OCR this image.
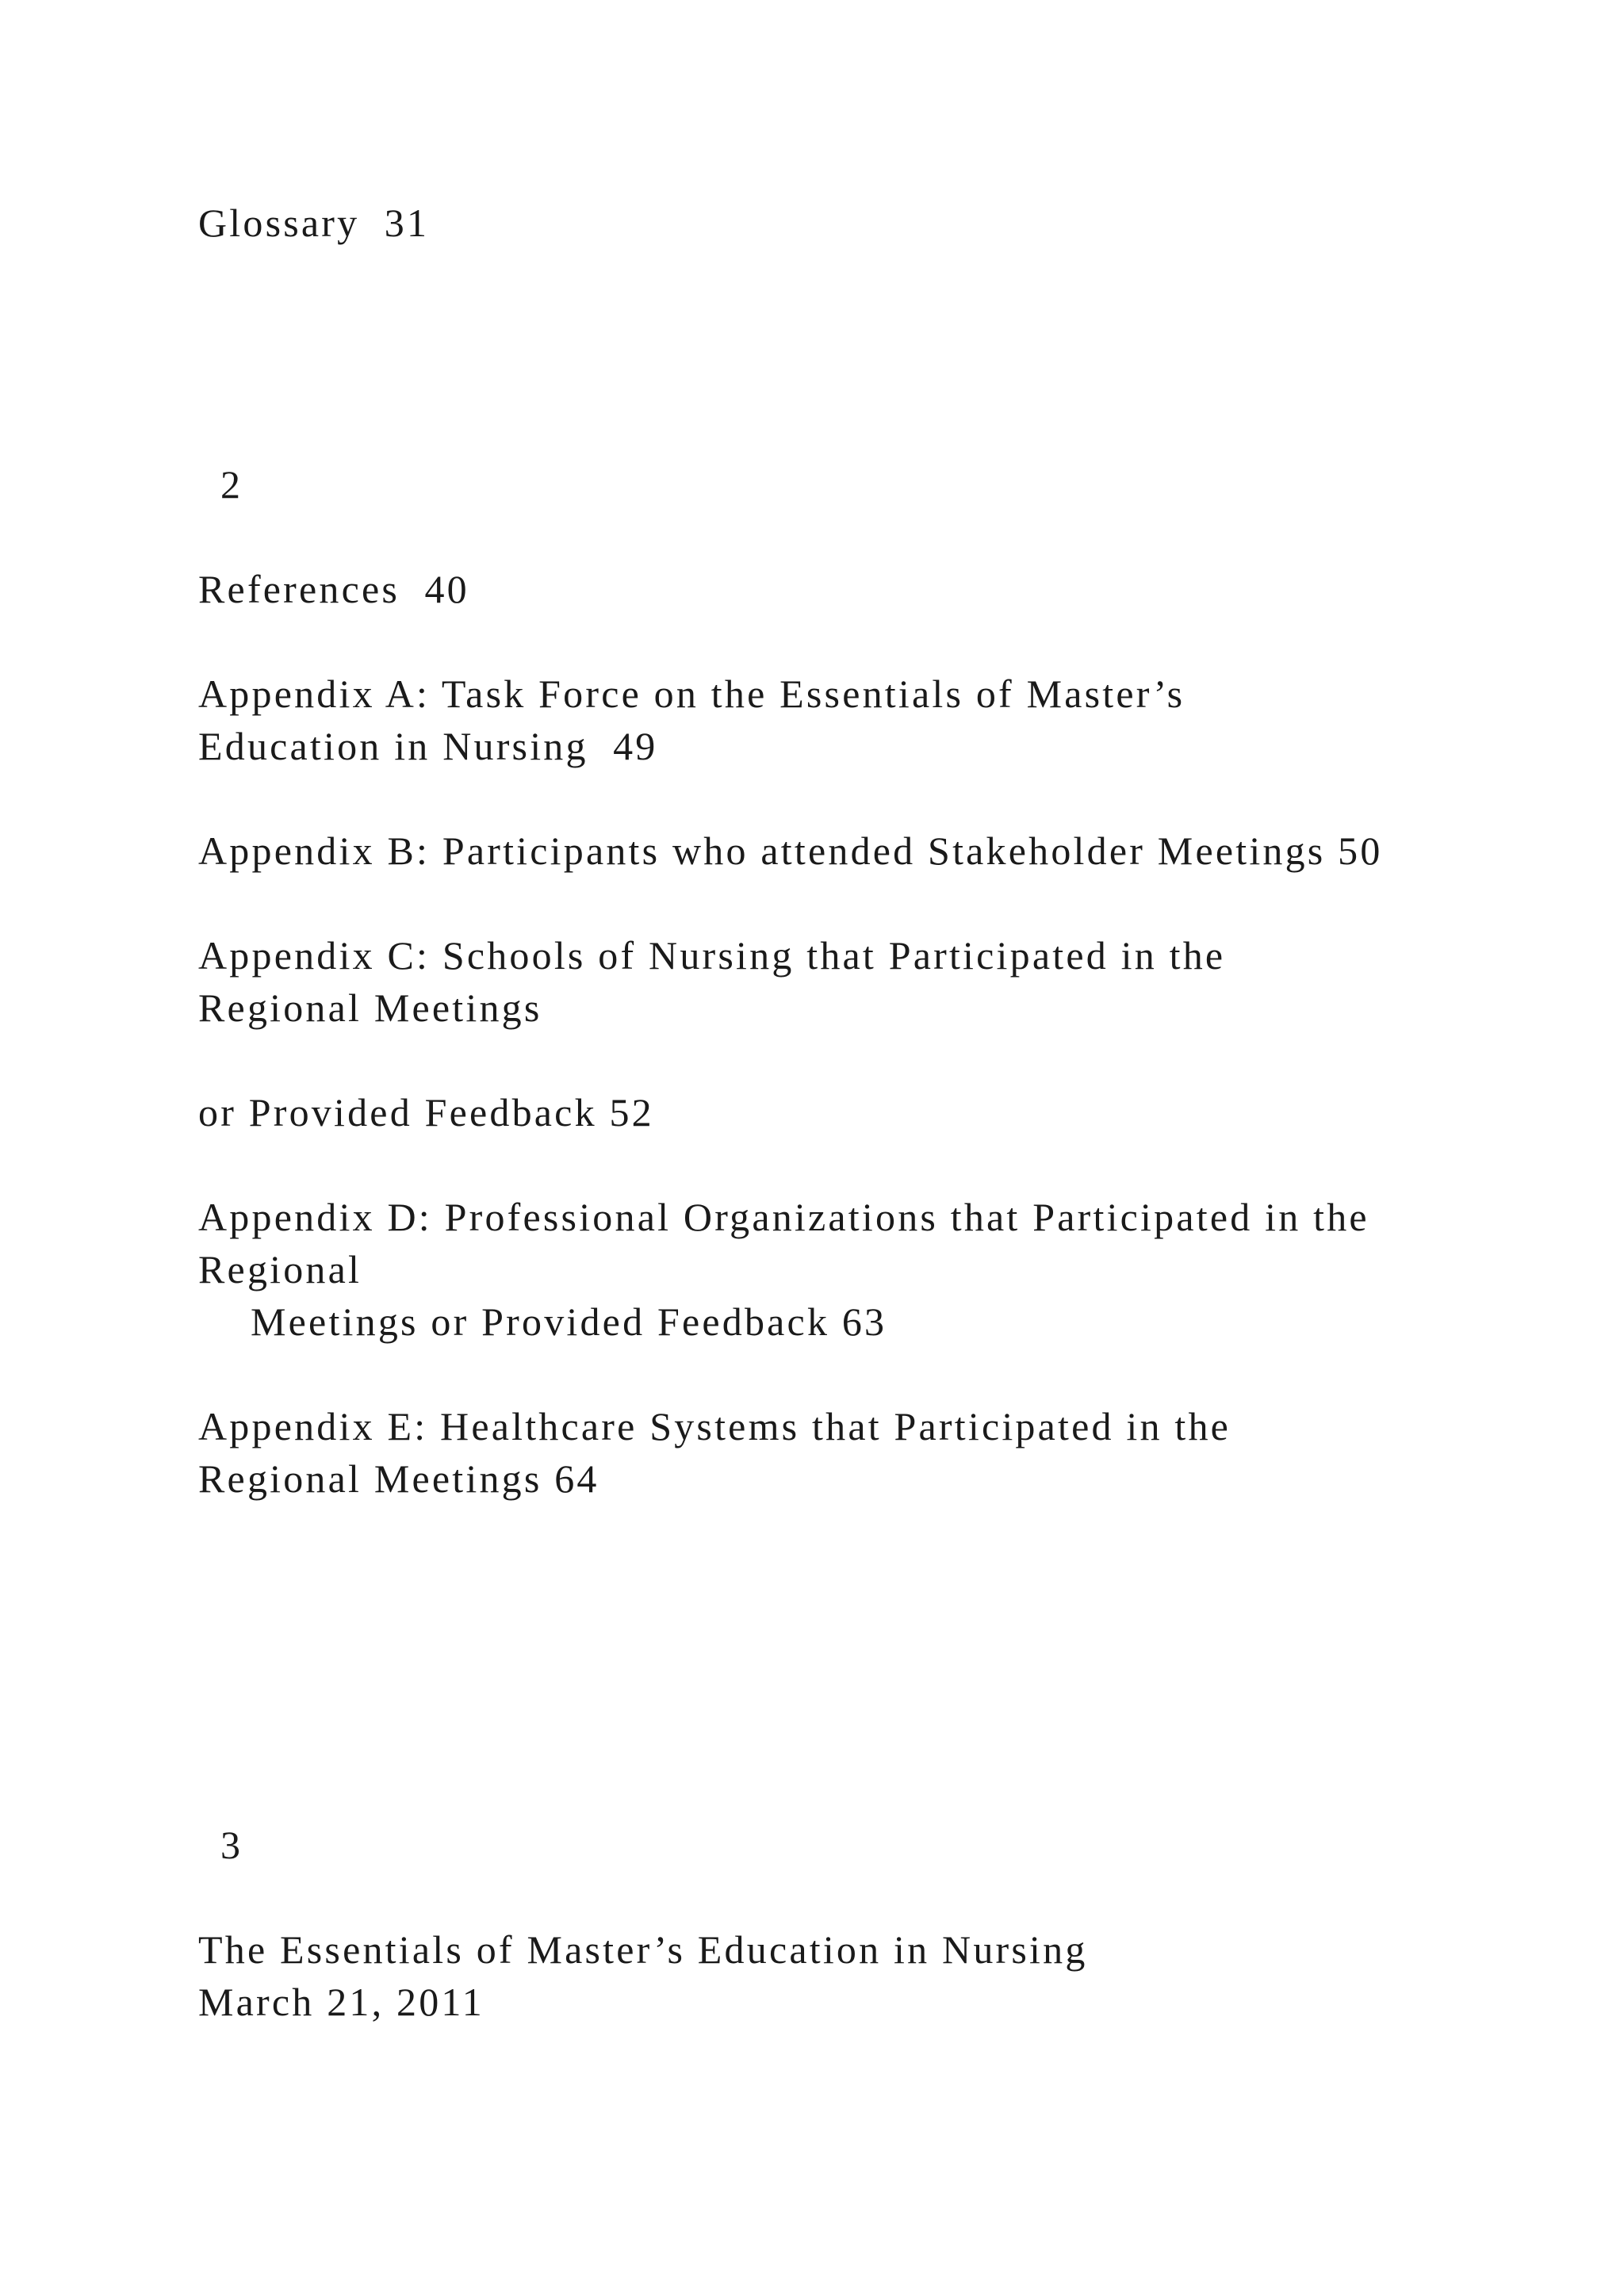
Glossary  31
2
References  40
Appendix A: Task Force on the Essentials of Master’s
Education in Nursing  49
Appendix B: Participants who attended Stakeholder Meetings 50
Appendix C: Schools of Nursing that Participated in the
Regional Meetings
or Provided Feedback 52
Appendix D: Professional Organizations that Participated in the
Regional
Meetings or Provided Feedback 63
Appendix E: Healthcare Systems that Participated in the
Regional Meetings 64
3
The Essentials of Master’s Education in Nursing
March 21, 2011
